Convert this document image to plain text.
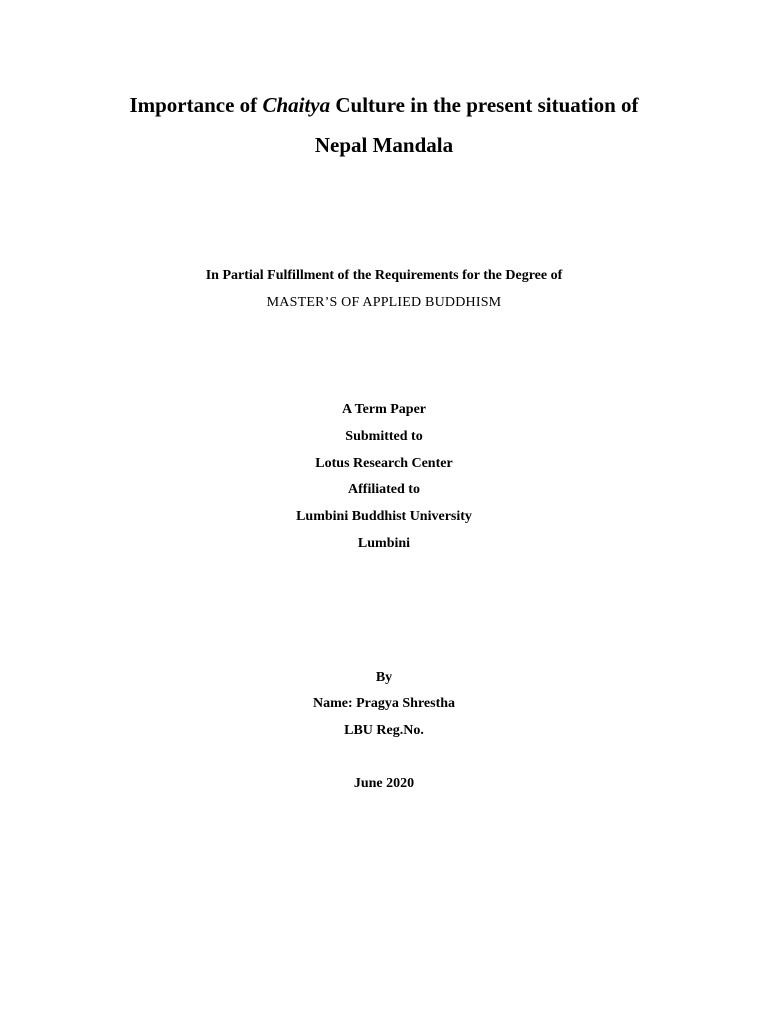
Importance of Chaitya Culture in the present situation of
Nepal Mandala
In Partial Fulfillment of the Requirements for the Degree of
MASTER’S OF APPLIED BUDDHISM
A Term Paper
Submitted to
Lotus Research Center
Affiliated to
Lumbini Buddhist University
Lumbini
By
Name: Pragya Shrestha
LBU Reg.No.
June 2020
